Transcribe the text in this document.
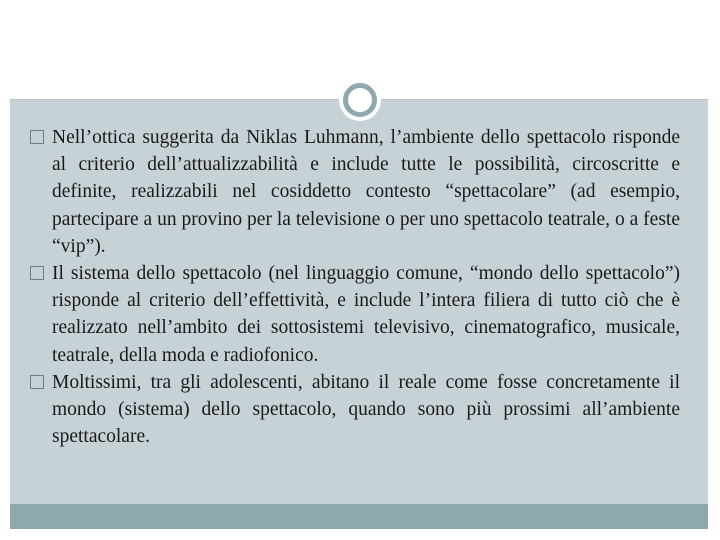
Nell’ottica suggerita da Niklas Luhmann, l’ambiente dello spettacolo risponde al criterio dell’attualizzabilità e include tutte le possibilità, circoscritte e definite, realizzabili nel cosiddetto contesto “spettacolare” (ad esempio, partecipare a un provino per la televisione o per uno spettacolo teatrale, o a feste “vip”).
Il sistema dello spettacolo (nel linguaggio comune, “mondo dello spettacolo”) risponde al criterio dell’effettività, e include l’intera filiera di tutto ciò che è realizzato nell’ambito dei sottosistemi televisivo, cinematografico, musicale, teatrale, della moda e radiofonico.
Moltissimi, tra gli adolescenti, abitano il reale come fosse concretamente il mondo (sistema) dello spettacolo, quando sono più prossimi all’ambiente spettacolare.
